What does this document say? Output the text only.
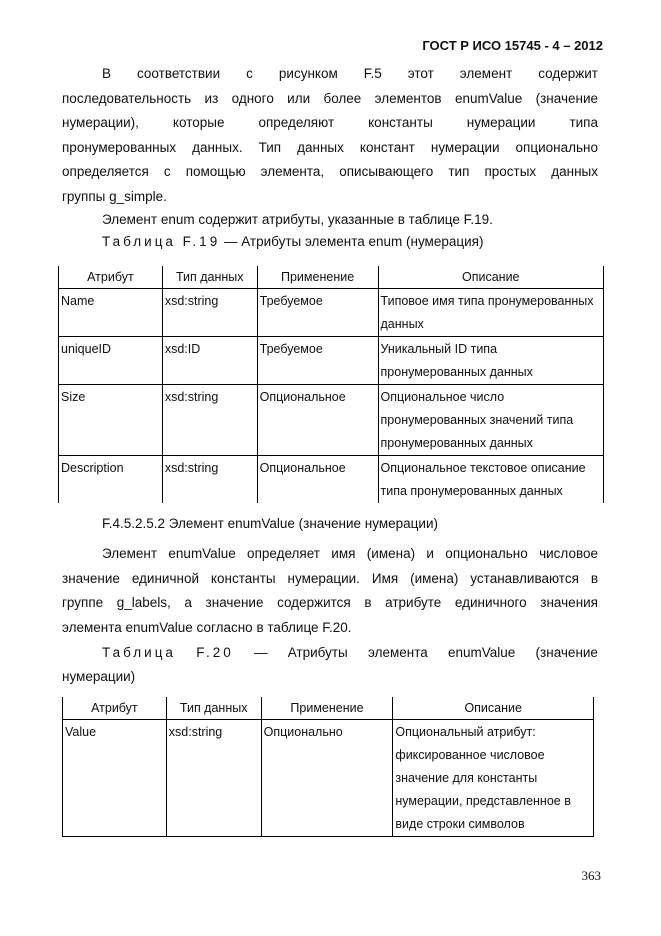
ГОСТ Р ИСО 15745 - 4 – 2012
В соответствии с рисунком F.5 этот элемент содержит
последовательность из одного или более элементов enumValue (значение
нумерации), которые определяют константы нумерации типа
пронумерованных данных. Тип данных констант нумерации опционально
определяется с помощью элемента, описывающего тип простых данных
группы g_simple.
Элемент enum содержит атрибуты, указанные в таблице F.19.
Таблица F.19 — Атрибуты элемента enum (нумерация)
Атрибут	Тип данных	Применение	Описание
Name	xsd:string	Требуемое	Типовое имя типа пронумерованных данных
uniqueID	xsd:ID	Требуемое	Уникальный ID типа пронумерованных данных
Size	xsd:string	Опциональное	Опциональное число пронумерованных значений типа пронумерованных данных
Description	xsd:string	Опциональное	Опциональное текстовое описание типа пронумерованных данных
F.4.5.2.5.2 Элемент enumValue (значение нумерации)
Элемент enumValue определяет имя (имена) и опционально числовое
значение единичной константы нумерации. Имя (имена) устанавливаются в
группе g_labels, а значение содержится в атрибуте единичного значения
элемента enumValue согласно в таблице F.20.
Таблица F.20 — Атрибуты элемента enumValue (значение
нумерации)
Атрибут	Тип данных	Применение	Описание
Value	xsd:string	Опционально	Опциональный атрибут: фиксированное числовое значение для константы нумерации, представленное в виде строки символов
363
